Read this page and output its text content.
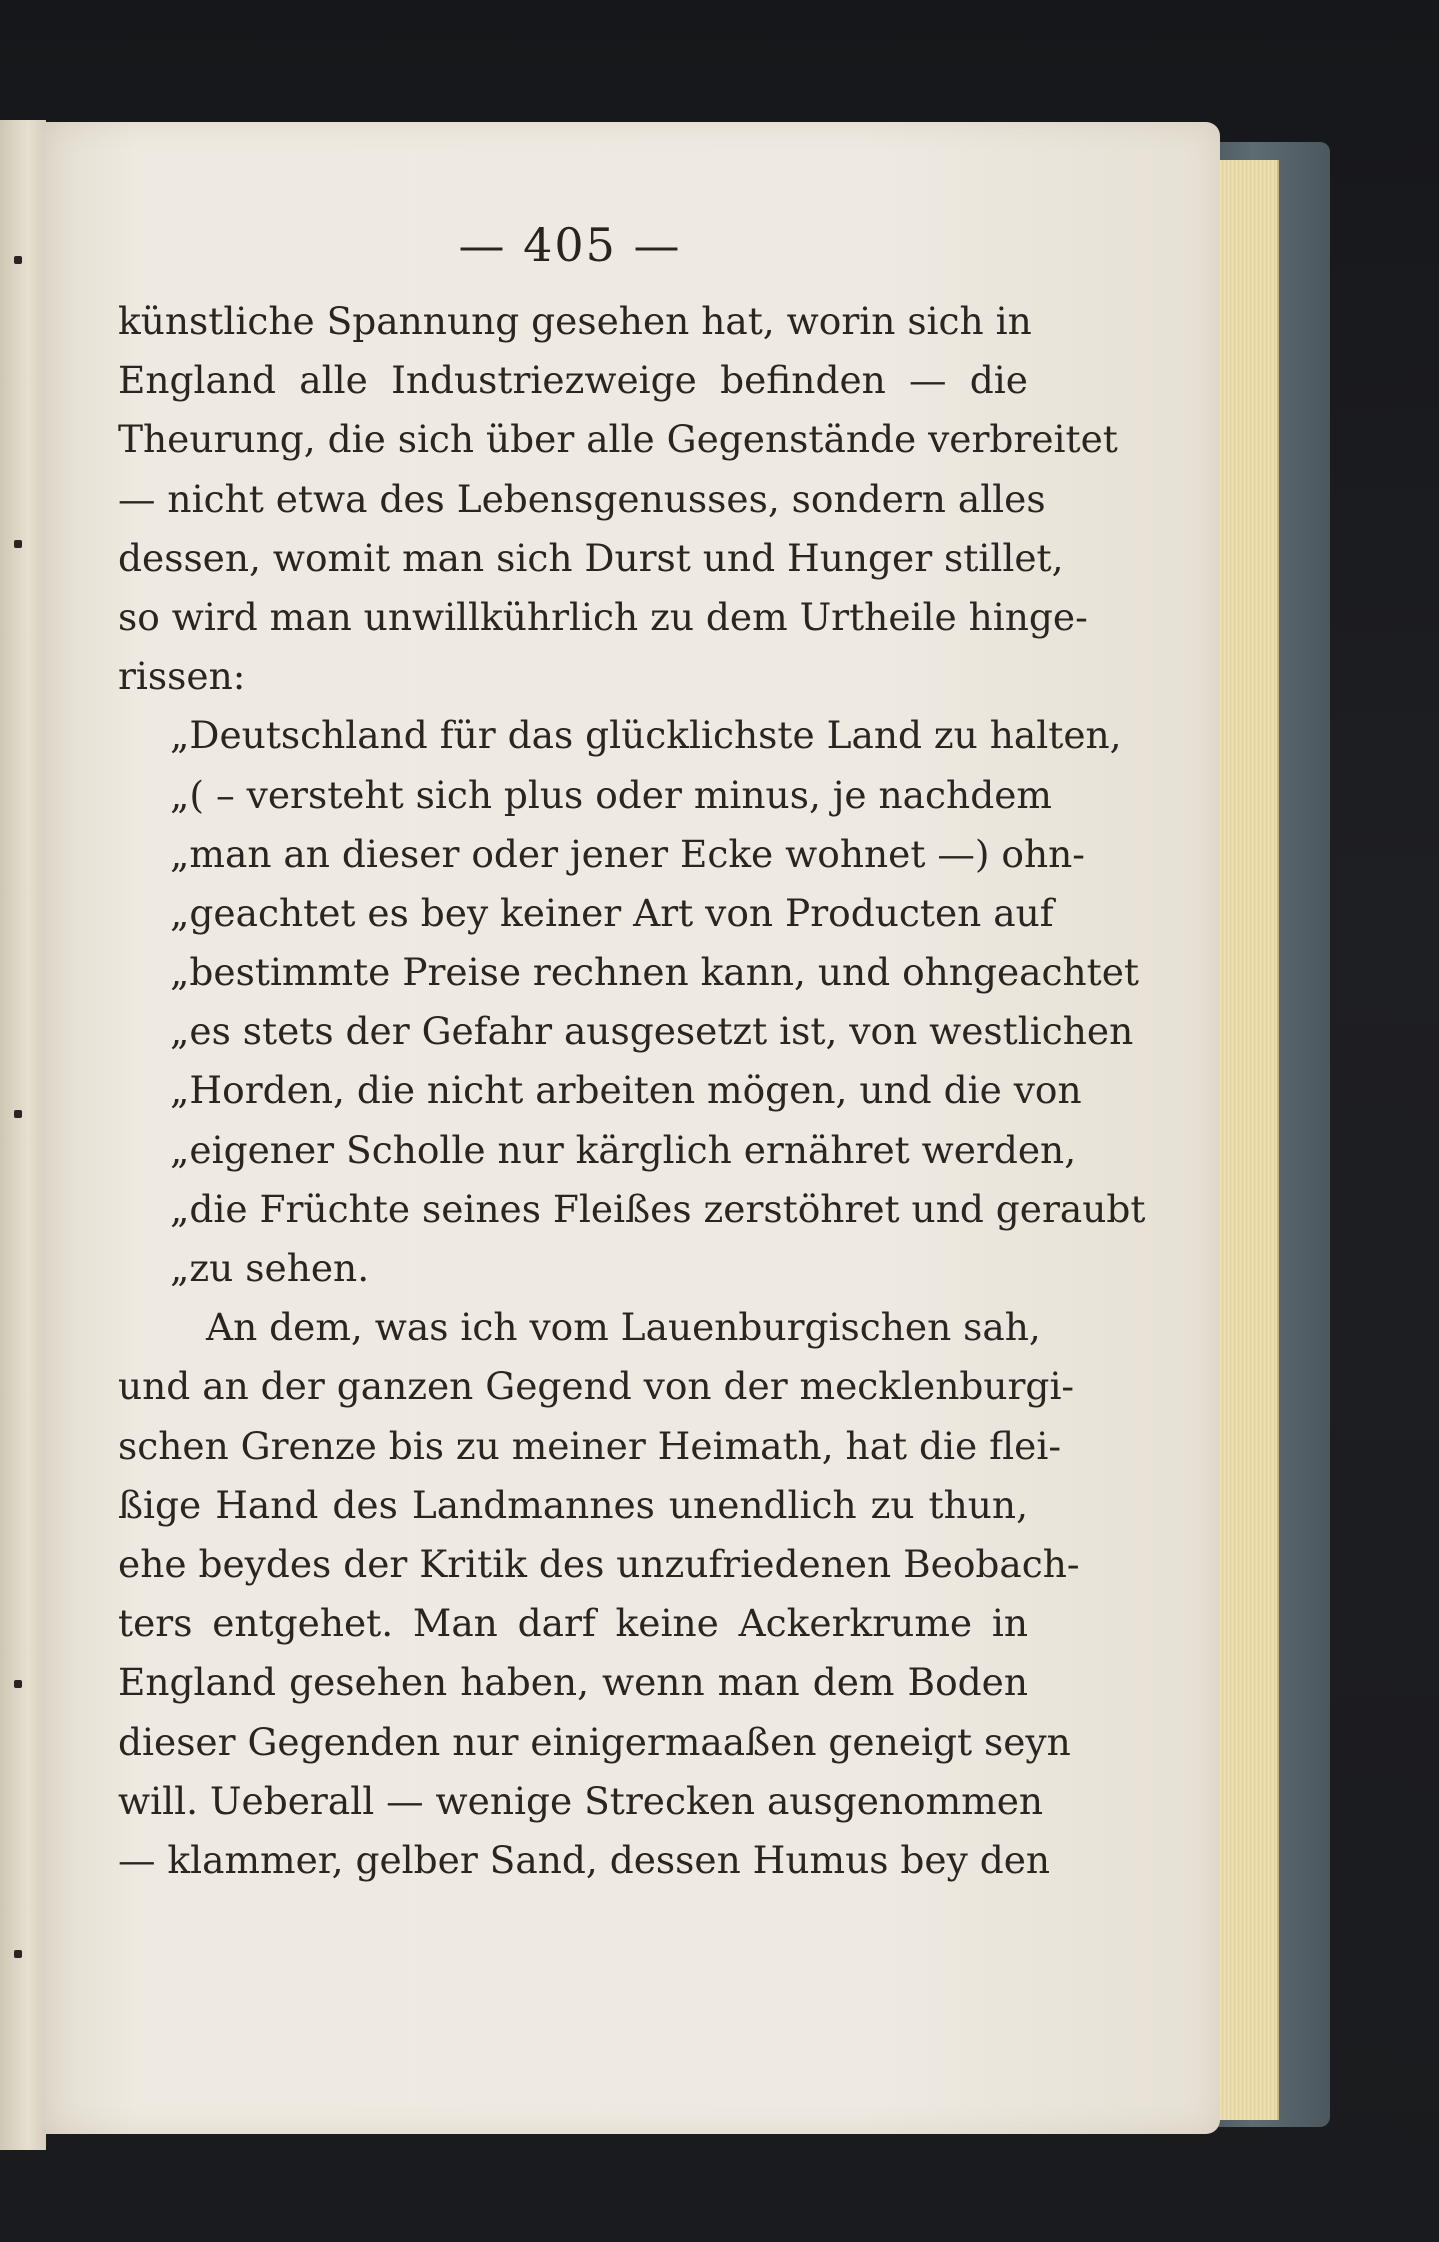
— 405 —
künstliche Spannung gesehen hat, worin sich in
England alle Industriezweige befinden — die
Theurung, die sich über alle Gegenstände verbreitet
— nicht etwa des Lebensgenusses, sondern alles
dessen, womit man sich Durst und Hunger stillet,
so wird man unwillkührlich zu dem Urtheile hinge-
rissen:
„Deutschland für das glücklichste Land zu halten,
„( – versteht sich plus oder minus, je nachdem
„man an dieser oder jener Ecke wohnet —) ohn-
„geachtet es bey keiner Art von Producten auf
„bestimmte Preise rechnen kann, und ohngeachtet
„es stets der Gefahr ausgesetzt ist, von westlichen
„Horden, die nicht arbeiten mögen, und die von
„eigener Scholle nur kärglich ernähret werden,
„die Früchte seines Fleißes zerstöhret und geraubt
„zu sehen.
An dem, was ich vom Lauenburgischen sah,
und an der ganzen Gegend von der mecklenburgi-
schen Grenze bis zu meiner Heimath, hat die flei-
ßige Hand des Landmannes unendlich zu thun,
ehe beydes der Kritik des unzufriedenen Beobach-
ters entgehet. Man darf keine Ackerkrume in
England gesehen haben, wenn man dem Boden
dieser Gegenden nur einigermaaßen geneigt seyn
will. Ueberall — wenige Strecken ausgenommen
— klammer, gelber Sand, dessen Humus bey den
